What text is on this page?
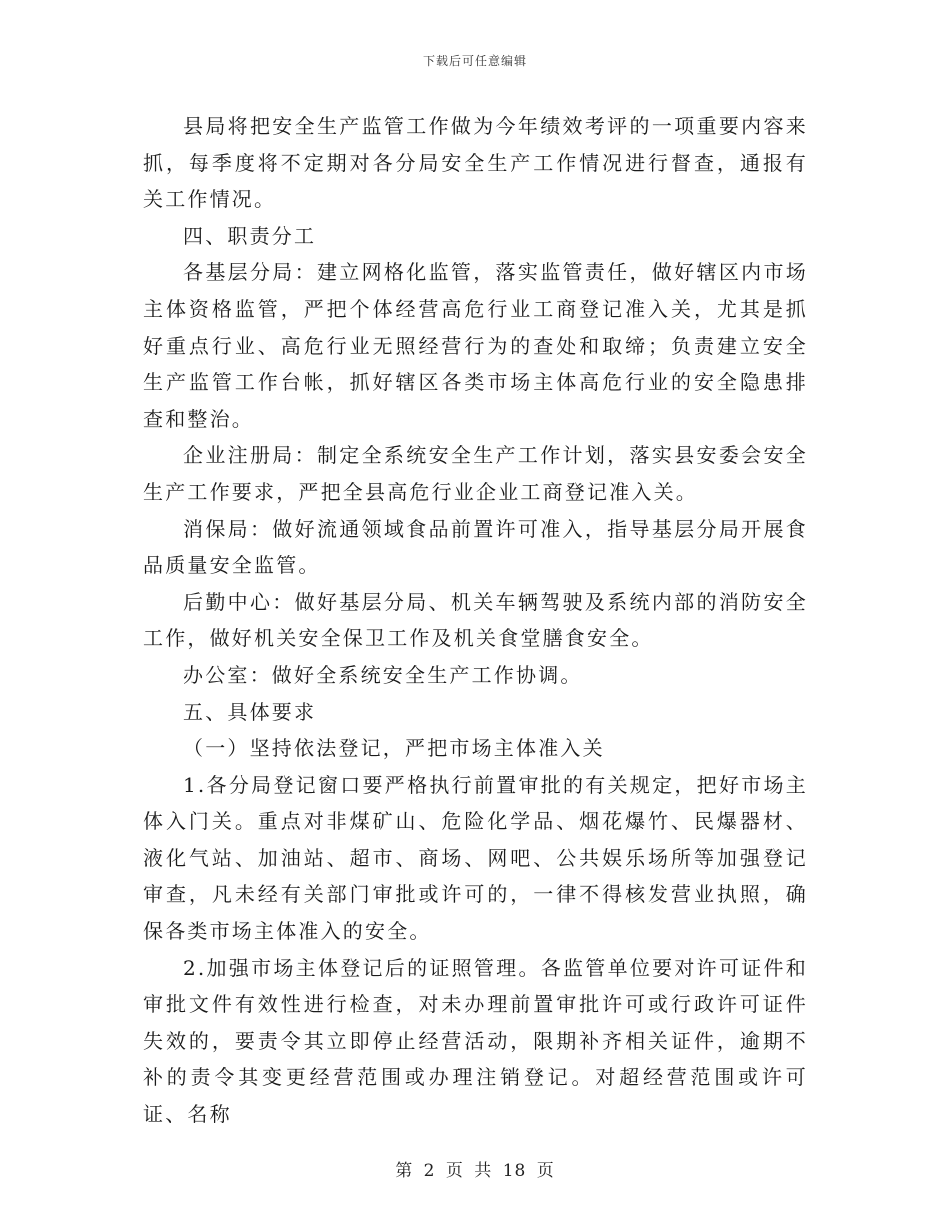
下载后可任意编辑

县局将把安全生产监管工作做为今年绩效考评的一项重要内容来抓，每季度将不定期对各分局安全生产工作情况进行督查，通报有关工作情况。

四、职责分工

各基层分局：建立网格化监管，落实监管责任，做好辖区内市场主体资格监管，严把个体经营高危行业工商登记准入关，尤其是抓好重点行业、高危行业无照经营行为的查处和取缔；负责建立安全生产监管工作台帐，抓好辖区各类市场主体高危行业的安全隐患排查和整治。

企业注册局：制定全系统安全生产工作计划，落实县安委会安全生产工作要求，严把全县高危行业企业工商登记准入关。

消保局：做好流通领域食品前置许可准入，指导基层分局开展食品质量安全监管。

后勤中心：做好基层分局、机关车辆驾驶及系统内部的消防安全工作，做好机关安全保卫工作及机关食堂膳食安全。

办公室：做好全系统安全生产工作协调。

五、具体要求

（一）坚持依法登记，严把市场主体准入关

1.各分局登记窗口要严格执行前置审批的有关规定，把好市场主体入门关。重点对非煤矿山、危险化学品、烟花爆竹、民爆器材、液化气站、加油站、超市、商场、网吧、公共娱乐场所等加强登记审查，凡未经有关部门审批或许可的，一律不得核发营业执照，确保各类市场主体准入的安全。

2.加强市场主体登记后的证照管理。各监管单位要对许可证件和审批文件有效性进行检查，对未办理前置审批许可或行政许可证件失效的，要责令其立即停止经营活动，限期补齐相关证件，逾期不补的责令其变更经营范围或办理注销登记。对超经营范围或许可证、名称

第 2 页 共 18 页
